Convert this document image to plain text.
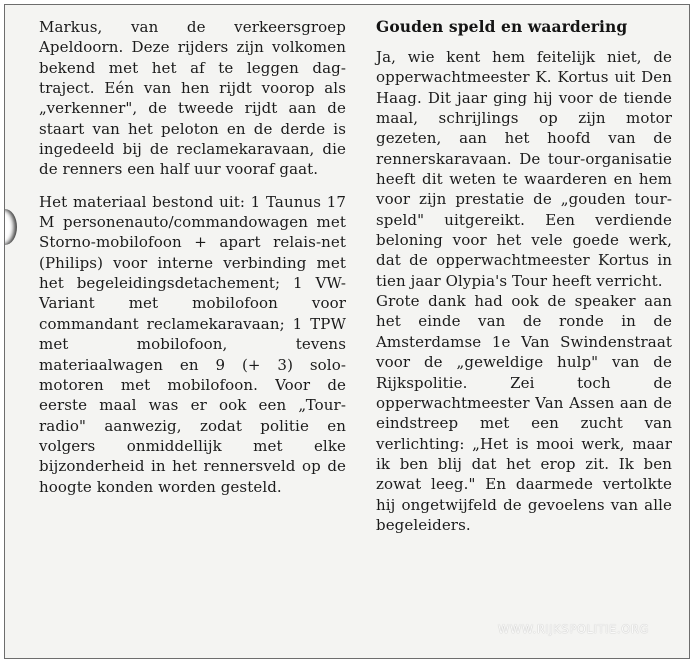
Markus, van de verkeersgroep Apeldoorn. Deze rijders zijn volkomen bekend met het af te leggen dag-traject. Eén van hen rijdt voorop als „verkenner", de tweede rijdt aan de staart van het peloton en de derde is ingedeeld bij de reclamekaravaan, die de renners een half uur vooraf gaat.

Het materiaal bestond uit: 1 Taunus 17 M personenauto/commandowagen met Storno-mobilofoon + apart relais-net (Philips) voor interne verbinding met het begeleidingsdetachement; 1 VW-Variant met mobilofoon voor commandant reclamekaravaan; 1 TPW met mobilofoon, tevens materiaalwagen en 9 (+ 3) solo-motoren met mobilofoon. Voor de eerste maal was er ook een „Tour-radio" aanwezig, zodat politie en volgers onmiddellijk met elke bijzonderheid in het rennersveld op de hoogte konden worden gesteld.

Gouden speld en waardering

Ja, wie kent hem feitelijk niet, de opperwachtmeester K. Kortus uit Den Haag. Dit jaar ging hij voor de tiende maal, schrijlings op zijn motor gezeten, aan het hoofd van de rennerskaravaan. De tour-organisatie heeft dit weten te waarderen en hem voor zijn prestatie de „gouden tour-speld" uitgereikt. Een verdiende beloning voor het vele goede werk, dat de opperwachtmeester Kortus in tien jaar Olypia's Tour heeft verricht.

Grote dank had ook de speaker aan het einde van de ronde in de Amsterdamse 1e Van Swindenstraat voor de „geweldige hulp" van de Rijkspolitie. Zei toch de opperwachtmeester Van Assen aan de eindstreep met een zucht van verlichting: „Het is mooi werk, maar ik ben blij dat het erop zit. Ik ben zowat leeg." En daarmede vertolkte hij ongetwijfeld de gevoelens van alle begeleiders.

WWW.RIJKSPOLITIE.ORG
